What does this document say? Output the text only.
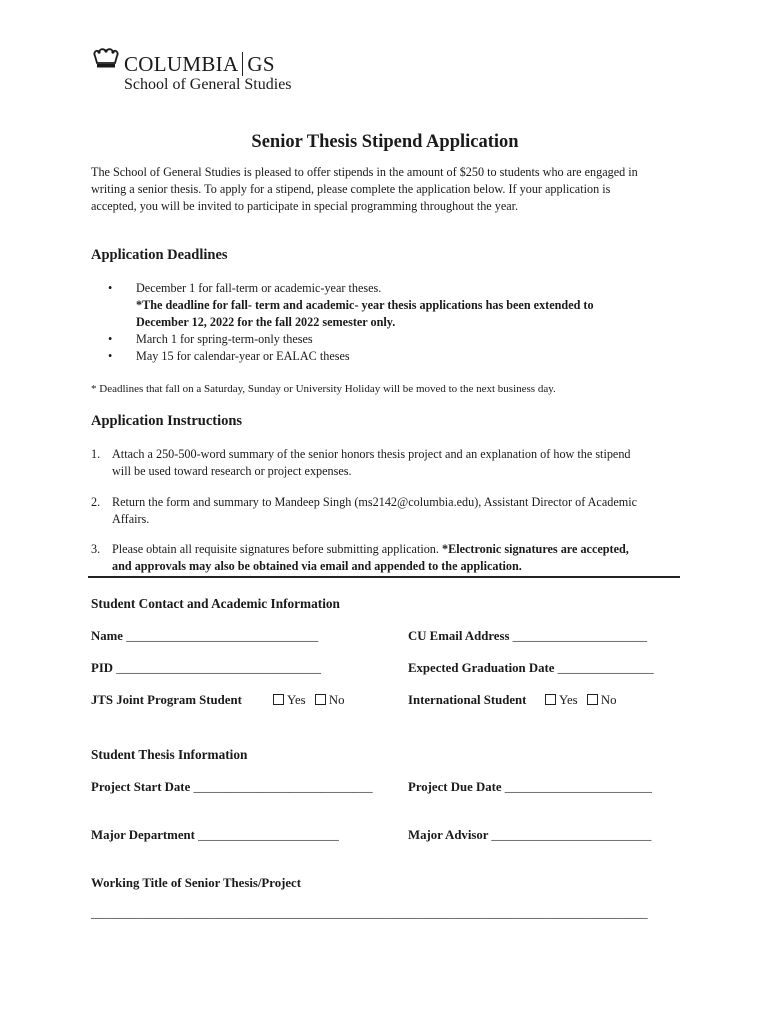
COLUMBIA GS
School of General Studies
Senior Thesis Stipend Application
The School of General Studies is pleased to offer stipends in the amount of $250 to students who are engaged in writing a senior thesis. To apply for a stipend, please complete the application below. If your application is accepted, you will be invited to participate in special programming throughout the year.
Application Deadlines
• December 1 for fall-term or academic-year theses.

*The deadline for fall- term and academic- year thesis applications has been extended to December 12, 2022 for the fall 2022 semester only.
• March 1 for spring-term-only theses
• May 15 for calendar-year or EALAC theses
* Deadlines that fall on a Saturday, Sunday or University Holiday will be moved to the next business day.
Application Instructions
1. Attach a 250-500-word summary of the senior honors thesis project and an explanation of how the stipend will be used toward research or project expenses.
2. Return the form and summary to Mandeep Singh (ms2142@columbia.edu), Assistant Director of Academic Affairs.
3. Please obtain all requisite signatures before submitting application. *Electronic signatures are accepted, and approvals may also be obtained via email and appended to the application.
Student Contact and Academic Information
Name ______________________________	CU Email Address _____________________
PID ________________________________	Expected Graduation Date _______________
JTS Joint Program Student	Yes No	International Student	Yes No
Student Thesis Information
Project Start Date ____________________________	Project Due Date _______________________
Major Department ______________________	Major Advisor _________________________
Working Title of Senior Thesis/Project
_______________________________________________________________________________________
